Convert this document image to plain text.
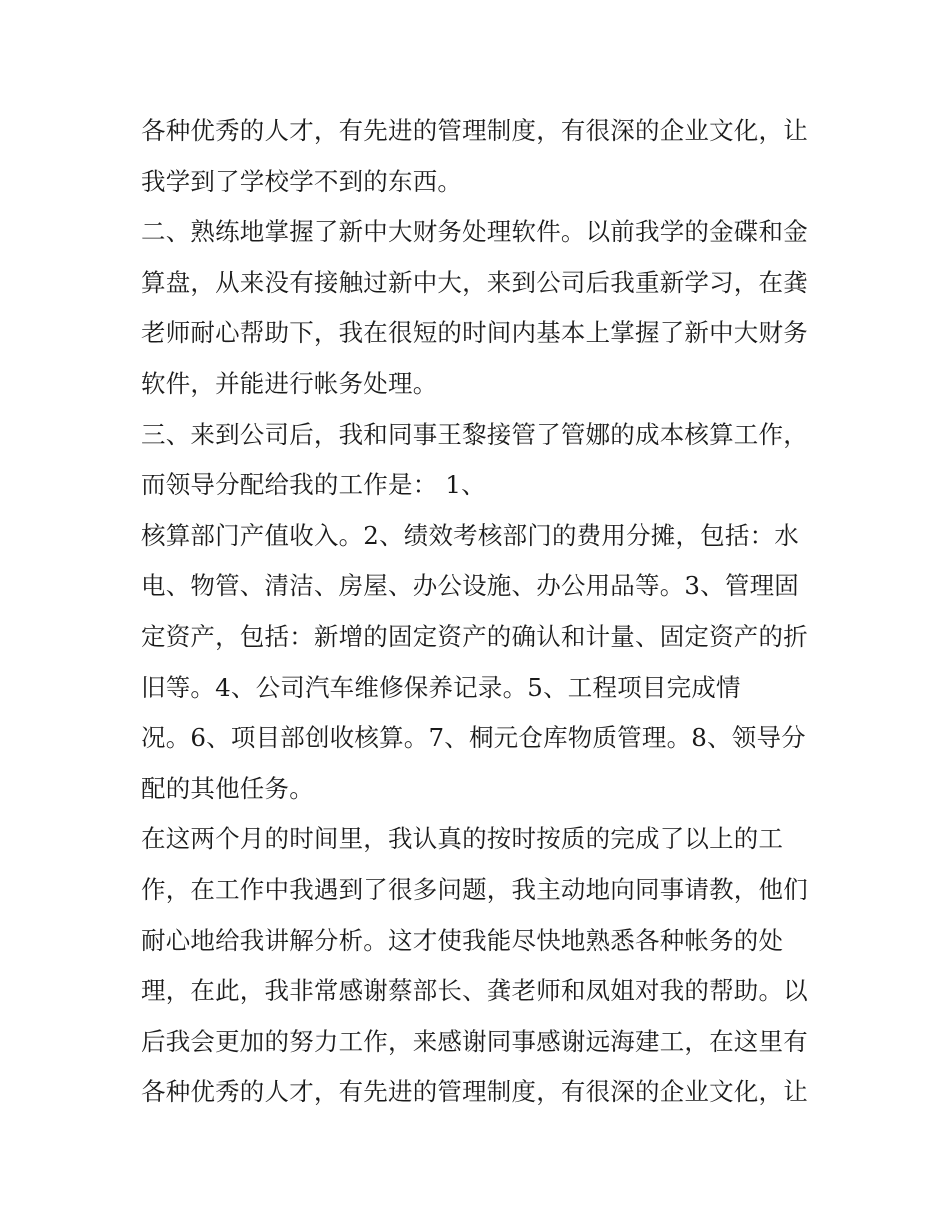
各种优秀的人才，有先进的管理制度，有很深的企业文化，让
我学到了学校学不到的东西。
二、熟练地掌握了新中大财务处理软件。以前我学的金碟和金
算盘，从来没有接触过新中大，来到公司后我重新学习，在龚
老师耐心帮助下，我在很短的时间内基本上掌握了新中大财务
软件，并能进行帐务处理。
三、来到公司后，我和同事王黎接管了管娜的成本核算工作，
而领导分配给我的工作是： 1、
核算部门产值收入。2、绩效考核部门的费用分摊，包括：水
电、物管、清洁、房屋、办公设施、办公用品等。3、管理固
定资产，包括：新增的固定资产的确认和计量、固定资产的折
旧等。4、公司汽车维修保养记录。5、工程项目完成情
况。6、项目部创收核算。7、桐元仓库物质管理。8、领导分
配的其他任务。
在这两个月的时间里，我认真的按时按质的完成了以上的工
作，在工作中我遇到了很多问题，我主动地向同事请教，他们
耐心地给我讲解分析。这才使我能尽快地熟悉各种帐务的处
理，在此，我非常感谢蔡部长、龚老师和凤姐对我的帮助。以
后我会更加的努力工作，来感谢同事感谢远海建工，在这里有
各种优秀的人才，有先进的管理制度，有很深的企业文化，让
